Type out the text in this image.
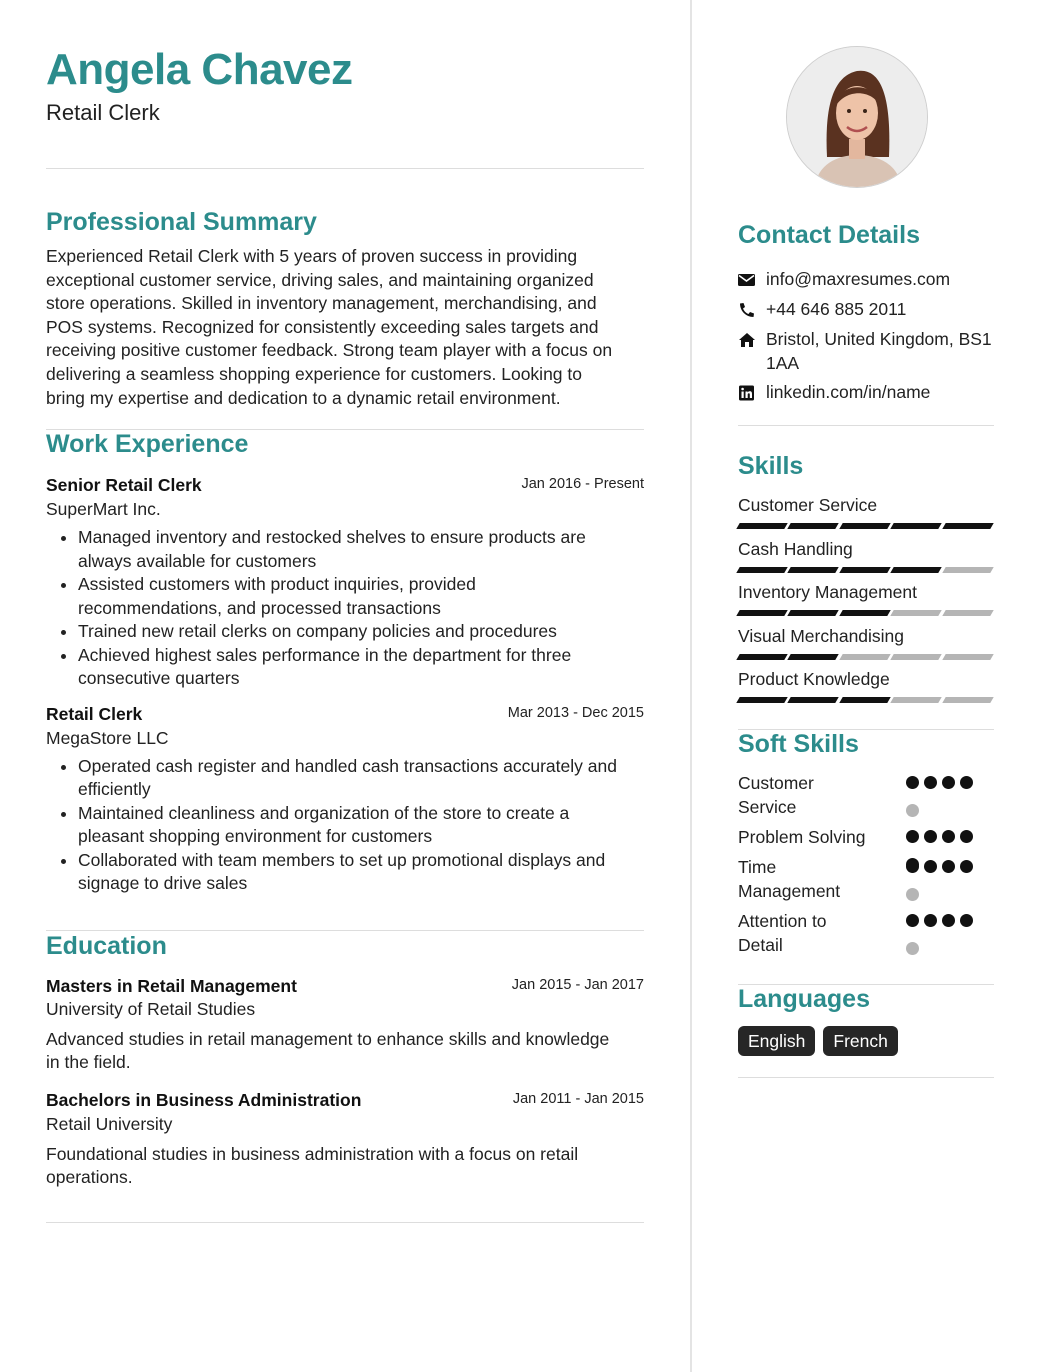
Angela Chavez
Retail Clerk
Professional Summary
Experienced Retail Clerk with 5 years of proven success in providing
exceptional customer service, driving sales, and maintaining organized
store operations. Skilled in inventory management, merchandising, and
POS systems. Recognized for consistently exceeding sales targets and
receiving positive customer feedback. Strong team player with a focus on
delivering a seamless shopping experience for customers. Looking to
bring my expertise and dedication to a dynamic retail environment.
Work Experience
Senior Retail Clerk	Jan 2016 - Present
SuperMart Inc.
• Managed inventory and restocked shelves to ensure products are
always available for customers
• Assisted customers with product inquiries, provided
recommendations, and processed transactions
• Trained new retail clerks on company policies and procedures
• Achieved highest sales performance in the department for three
consecutive quarters
Retail Clerk	Mar 2013 - Dec 2015
MegaStore LLC
• Operated cash register and handled cash transactions accurately and
efficiently
• Maintained cleanliness and organization of the store to create a
pleasant shopping environment for customers
• Collaborated with team members to set up promotional displays and
signage to drive sales
Education
Masters in Retail Management	Jan 2015 - Jan 2017
University of Retail Studies
Advanced studies in retail management to enhance skills and knowledge
in the field.
Bachelors in Business Administration	Jan 2011 - Jan 2015
Retail University
Foundational studies in business administration with a focus on retail
operations.
Contact Details
info@maxresumes.com
+44 646 885 2011
Bristol, United Kingdom, BS1
1AA
linkedin.com/in/name
Skills
Customer Service
Cash Handling
Inventory Management
Visual Merchandising
Product Knowledge
Soft Skills
Customer
Service
Problem Solving
Time
Management
Attention to
Detail
Languages
English	French
